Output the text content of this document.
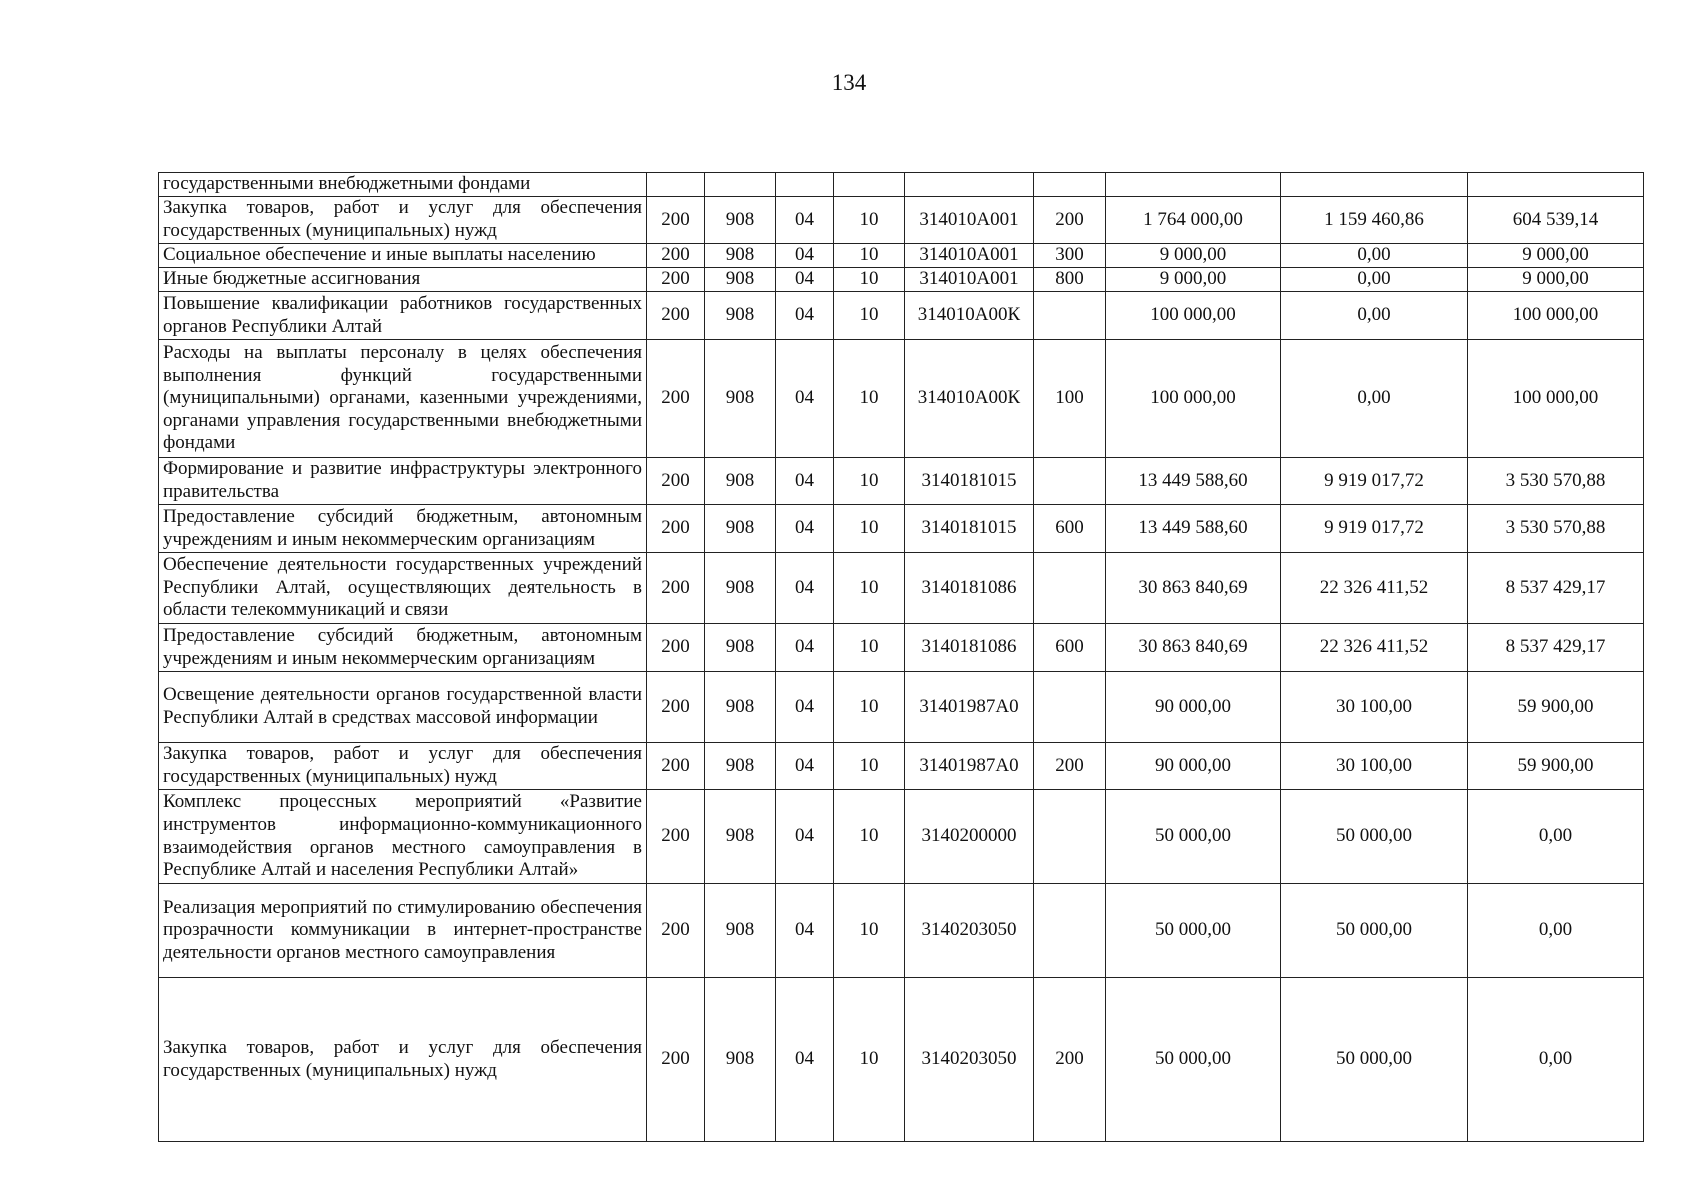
134
государственными внебюджетными фондами									
Закупка товаров, работ и услуг для обеспечения государственных (муниципальных) нужд	200	908	04	10	314010А001	200	1 764 000,00	1 159 460,86	604 539,14
Социальное обеспечение и иные выплаты населению	200	908	04	10	314010А001	300	9 000,00	0,00	9 000,00
Иные бюджетные ассигнования	200	908	04	10	314010А001	800	9 000,00	0,00	9 000,00
Повышение квалификации работников государственных органов Республики Алтай	200	908	04	10	314010А00К		100 000,00	0,00	100 000,00
Расходы на выплаты персоналу в целях обеспечения выполнения функций государственными (муниципальными) органами, казенными учреждениями, органами управления государственными внебюджетными фондами	200	908	04	10	314010А00К	100	100 000,00	0,00	100 000,00
Формирование и развитие инфраструктуры электронного правительства	200	908	04	10	3140181015		13 449 588,60	9 919 017,72	3 530 570,88
Предоставление субсидий бюджетным, автономным учреждениям и иным некоммерческим организациям	200	908	04	10	3140181015	600	13 449 588,60	9 919 017,72	3 530 570,88
Обеспечение деятельности государственных учреждений Республики Алтай, осуществляющих деятельность в области телекоммуникаций и связи	200	908	04	10	3140181086		30 863 840,69	22 326 411,52	8 537 429,17
Предоставление субсидий бюджетным, автономным учреждениям и иным некоммерческим организациям	200	908	04	10	3140181086	600	30 863 840,69	22 326 411,52	8 537 429,17
Освещение деятельности органов государственной власти Республики Алтай в средствах массовой информации	200	908	04	10	31401987А0		90 000,00	30 100,00	59 900,00
Закупка товаров, работ и услуг для обеспечения государственных (муниципальных) нужд	200	908	04	10	31401987А0	200	90 000,00	30 100,00	59 900,00
Комплекс процессных мероприятий «Развитие инструментов информационно-коммуникационного взаимодействия органов местного самоуправления в Республике Алтай и населения Республики Алтай»	200	908	04	10	3140200000		50 000,00	50 000,00	0,00
Реализация мероприятий по стимулированию обеспечения прозрачности коммуникации в интернет-пространстве деятельности органов местного самоуправления	200	908	04	10	3140203050		50 000,00	50 000,00	0,00
Закупка товаров, работ и услуг для обеспечения государственных (муниципальных) нужд	200	908	04	10	3140203050	200	50 000,00	50 000,00	0,00
